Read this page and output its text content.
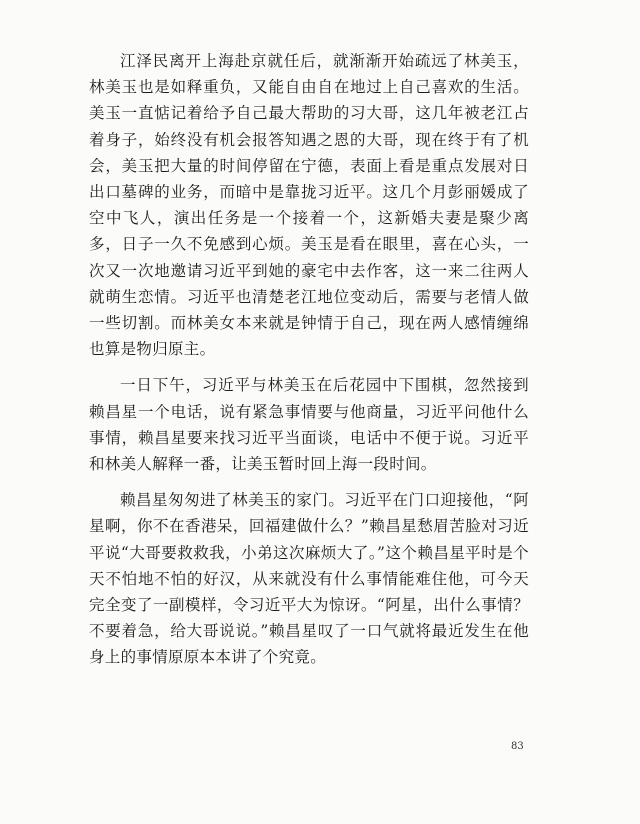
江泽民离开上海赴京就任后，就渐渐开始疏远了林美玉，林美玉也是如释重负，又能自由自在地过上自己喜欢的生活。美玉一直惦记着给予自己最大帮助的习大哥，这几年被老江占着身子，始终没有机会报答知遇之恩的大哥，现在终于有了机会，美玉把大量的时间停留在宁德，表面上看是重点发展对日出口墓碑的业务，而暗中是靠拢习近平。这几个月彭丽媛成了空中飞人，演出任务是一个接着一个，这新婚夫妻是聚少离多，日子一久不免感到心烦。美玉是看在眼里，喜在心头，一次又一次地邀请习近平到她的豪宅中去作客，这一来二往两人就萌生恋情。习近平也清楚老江地位变动后，需要与老情人做一些切割。而林美女本来就是钟情于自己，现在两人感情缠绵也算是物归原主。

一日下午，习近平与林美玉在后花园中下围棋，忽然接到赖昌星一个电话，说有紧急事情要与他商量，习近平问他什么事情，赖昌星要来找习近平当面谈，电话中不便于说。习近平和林美人解释一番，让美玉暂时回上海一段时间。

赖昌星匆匆进了林美玉的家门。习近平在门口迎接他，“阿星啊，你不在香港呆，回福建做什么？”赖昌星愁眉苦脸对习近平说“大哥要救救我，小弟这次麻烦大了。”这个赖昌星平时是个天不怕地不怕的好汉，从来就没有什么事情能难住他，可今天完全变了一副模样，令习近平大为惊讶。“阿星，出什么事情？不要着急，给大哥说说。”赖昌星叹了一口气就将最近发生在他身上的事情原原本本讲了个究竟。

83
